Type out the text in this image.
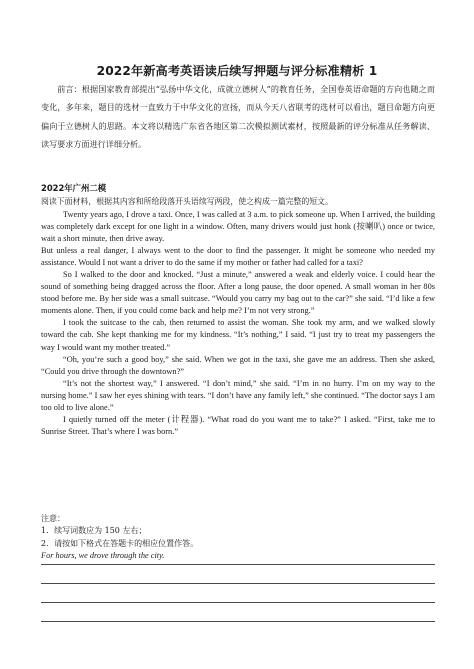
2022年新高考英语读后续写押题与评分标准精析 1
前言：根据国家教育部提出“弘扬中华文化，成就立德树人”的教育任务，全国卷英语命题的方向也随之而变化，多年来，题目的选材一直致力于中华文化的宣扬，而从今天八省联考的选材可以看出，题目命题方向更偏向于立德树人的思路。本文将以精选广东省各地区第二次模拟测试素材，按照最新的评分标准从任务解读、读写要求方面进行详细分析。
2022年广州二模
阅读下面材料，根据其内容和所给段落开头语续写两段，使之构成一篇完整的短文。

Twenty years ago, I drove a taxi. Once, I was called at 3 a.m. to pick someone up. When I arrived, the building was completely dark except for one light in a window. Often, many drivers would just honk (按喇叭) once or twice, wait a short minute, then drive away.

But unless a real danger, I always went to the door to find the passenger. It might be someone who needed my assistance. Would I not want a driver to do the same if my mother or father had called for a taxi?

So I walked to the door and knocked. “Just a minute,” answered a weak and elderly voice. I could hear the sound of something being dragged across the floor. After a long pause, the door opened. A small woman in her 80s stood before me. By her side was a small suitcase. “Would you carry my bag out to the car?” she said. “I’d like a few moments alone. Then, if you could come back and help me? I’m not very strong.”

I took the suitcase to the cab, then returned to assist the woman. She took my arm, and we walked slowly toward the cab. She kept thanking me for my kindness. “It’s nothing,” I said. “I just try to treat my passengers the way I would want my mother treated.”

“Oh, you’re such a good boy,” she said. When we got in the taxi, she gave me an address. Then she asked, “Could you drive through the downtown?”

“It’s not the shortest way,” I answered. “I don’t mind,” she said. “I’m in no hurry. I’m on my way to the nursing home.” I saw her eyes shining with tears. “I don’t have any family left,” she continued. “The doctor says I am too old to live alone.”

I quietly turned off the meter (计程器). “What road do you want me to take?” I asked. “First, take me to Sunrise Street. That’s where I was born.”

注意：
1．续写词数应为 150 左右；
2．请按如下格式在答题卡的相应位置作答。
For hours, we drove through the city.
